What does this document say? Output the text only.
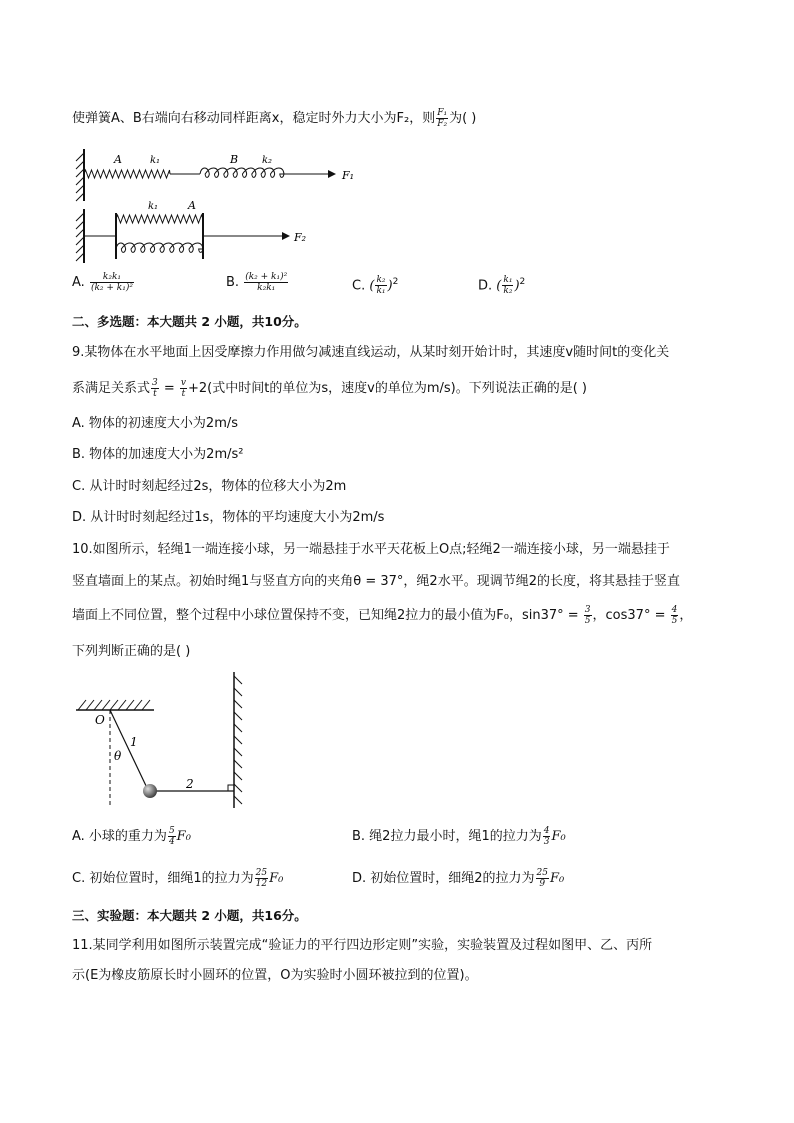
使弹簧A、B右端向右移动同样距离x，稳定时外力大小为F₂，则 $\frac{\text{F₁}}{\text{F₂}}$ 为( )
A	k₁	B k₂
F₁
k₁	A
F₂
A. $\frac{\text{k₂k₁}}{\text{(k₂ + k₁)²}}$	B. $\frac{\text{(k₂ + k₁)²}}{\text{k₂k₁}}$	C. ( $\frac{\text{k₂}}{\text{k₁}} )^2$	D. ( $\frac{\text{k₁}}{\text{k₂}} )^2$
二、多选题：本大题共 2 小题，共10分。
9.某物体在水平地面上因受摩擦力作用做匀减速直线运动，从某时刻开始计时，其速度v随时间t的变化关
系满足关系式 $\frac{3}{t} = \frac{v}{t} +2$(式中时间t的单位为s，速度v的单位为m/s)。下列说法正确的是( )
A. 物体的初速度大小为2m/s
B. 物体的加速度大小为2m/s²
C. 从计时时刻起经过2s，物体的位移大小为2m
D. 从计时时刻起经过1s，物体的平均速度大小为2m/s
10.如图所示，轻绳1一端连接小球，另一端悬挂于水平天花板上O点;轻绳2一端连接小球，另一端悬挂于
竖直墙面上的某点。初始时绳1与竖直方向的夹角θ = 37°，绳2水平。现调节绳2的长度，将其悬挂于竖直
墙面上不同位置，整个过程中小球位置保持不变，已知绳2拉力的最小值为F₀，$\sin 37^\circ = \frac{3}{5}$ ，$\cos 37^\circ = \frac{4}{5}$ ，
下列判断正确的是( )
O
θ
1
2
A. 小球的重力为 $\frac{5}{4} F_0$	B. 绳2拉力最小时，绳1的拉力为 $\frac{4}{3} F_0$
C. 初始位置时，细绳1的拉力为 $\frac{25}{12} F_0$	D. 初始位置时，细绳2的拉力为 $\frac{25}{9} F_0$
三、实验题：本大题共 2 小题，共16分。
11.某同学利用如图所示装置完成“验证力的平行四边形定则”实验，实验装置及过程如图甲、乙、丙所
示(E为橡皮筋原长时小圆环的位置，O为实验时小圆环被拉到的位置)。
